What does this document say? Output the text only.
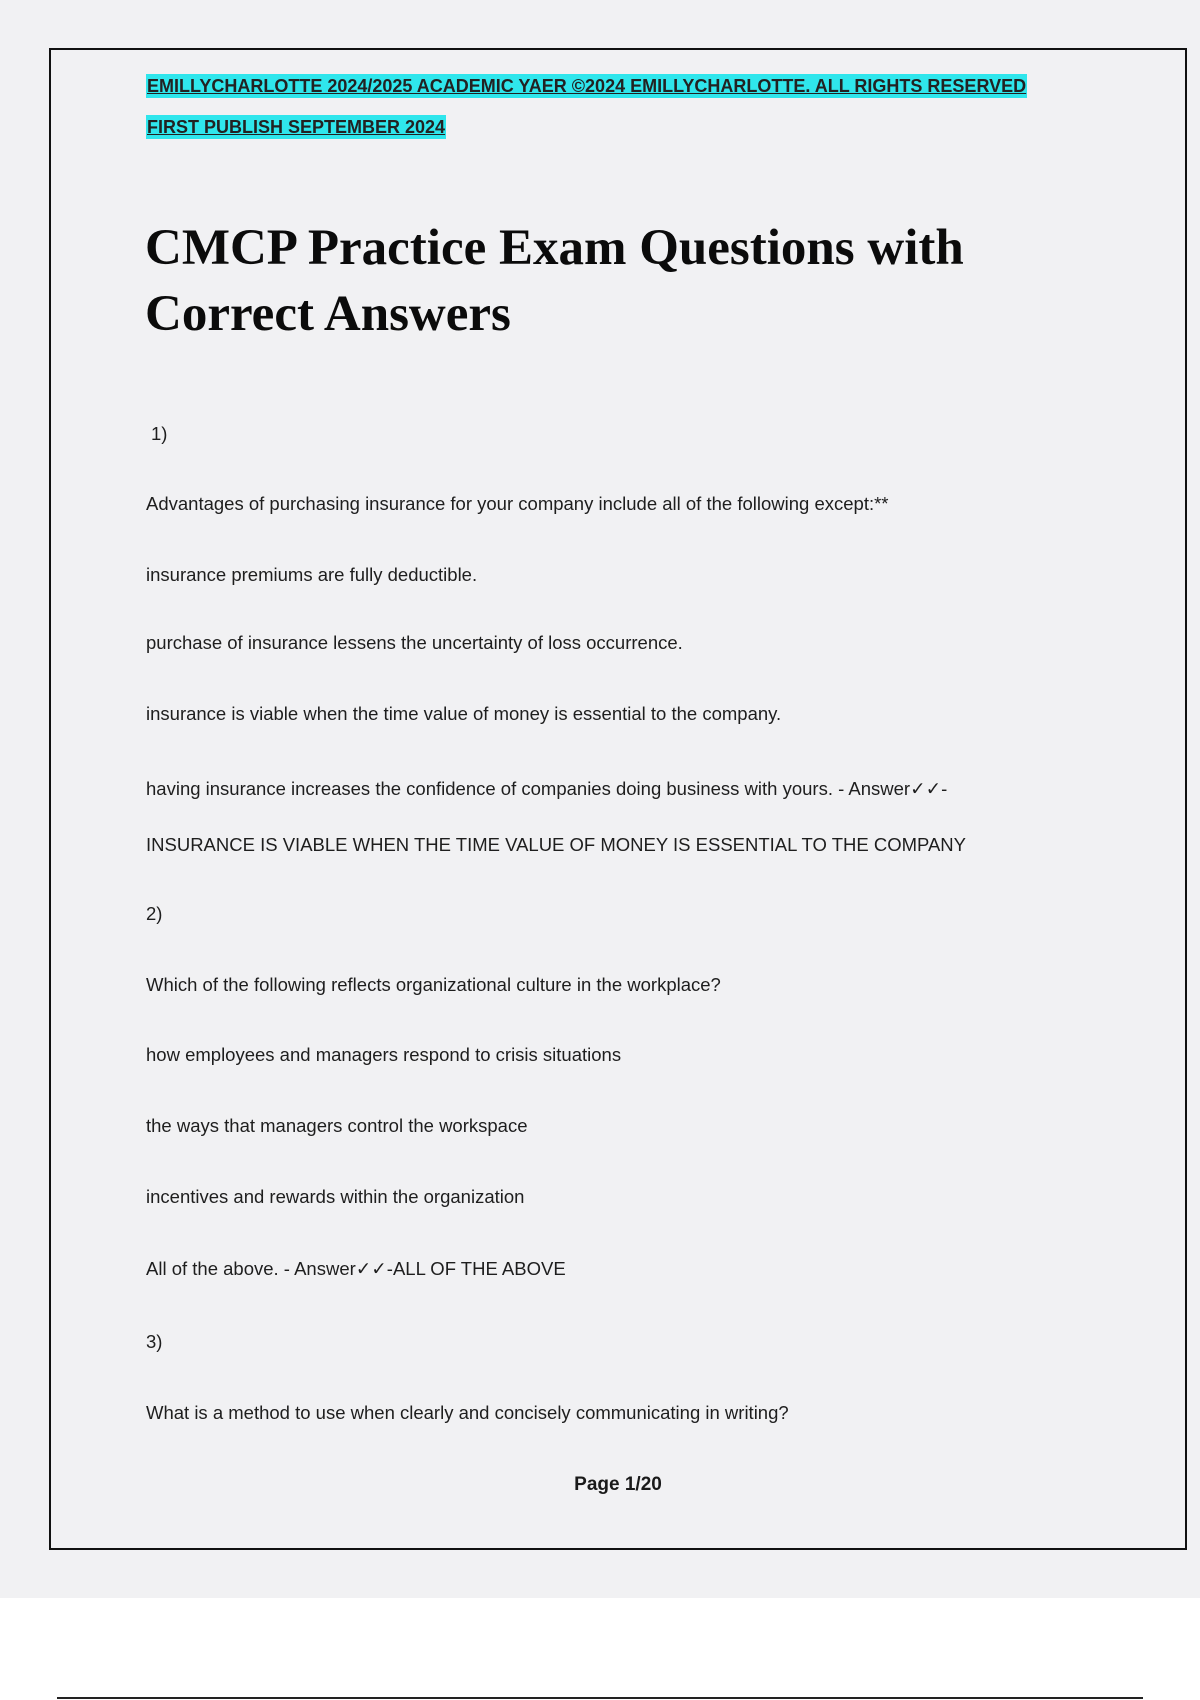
EMILLYCHARLOTTE 2024/2025 ACADEMIC YAER ©2024 EMILLYCHARLOTTE. ALL RIGHTS RESERVED
FIRST PUBLISH SEPTEMBER 2024
CMCP Practice Exam Questions with Correct Answers
1)
Advantages of purchasing insurance for your company include all of the following except:**
insurance premiums are fully deductible.
purchase of insurance lessens the uncertainty of loss occurrence.
insurance is viable when the time value of money is essential to the company.
having insurance increases the confidence of companies doing business with yours. - Answer✓✓-
INSURANCE IS VIABLE WHEN THE TIME VALUE OF MONEY IS ESSENTIAL TO THE COMPANY
2)
Which of the following reflects organizational culture in the workplace?
how employees and managers respond to crisis situations
the ways that managers control the workspace
incentives and rewards within the organization
All of the above. - Answer✓✓-ALL OF THE ABOVE
3)
What is a method to use when clearly and concisely communicating in writing?
Page 1/20
